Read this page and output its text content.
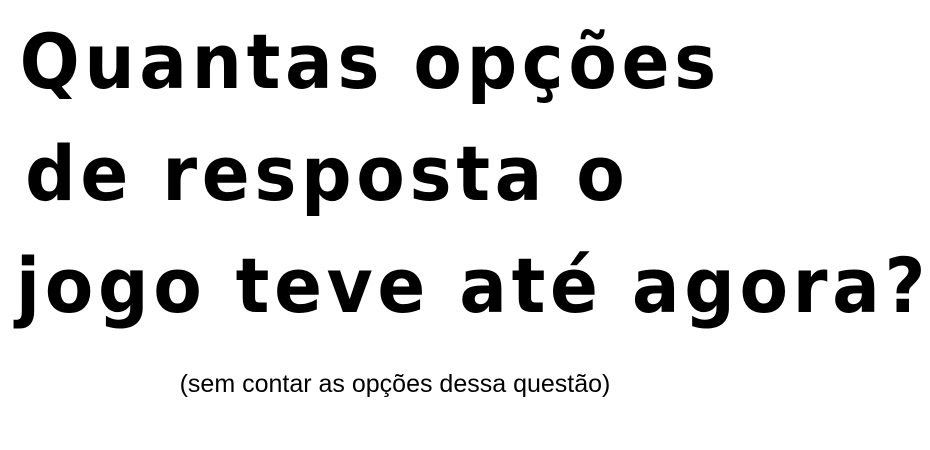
Quantas opções
de resposta o
jogo teve até agora?
(sem contar as opções dessa questão)
